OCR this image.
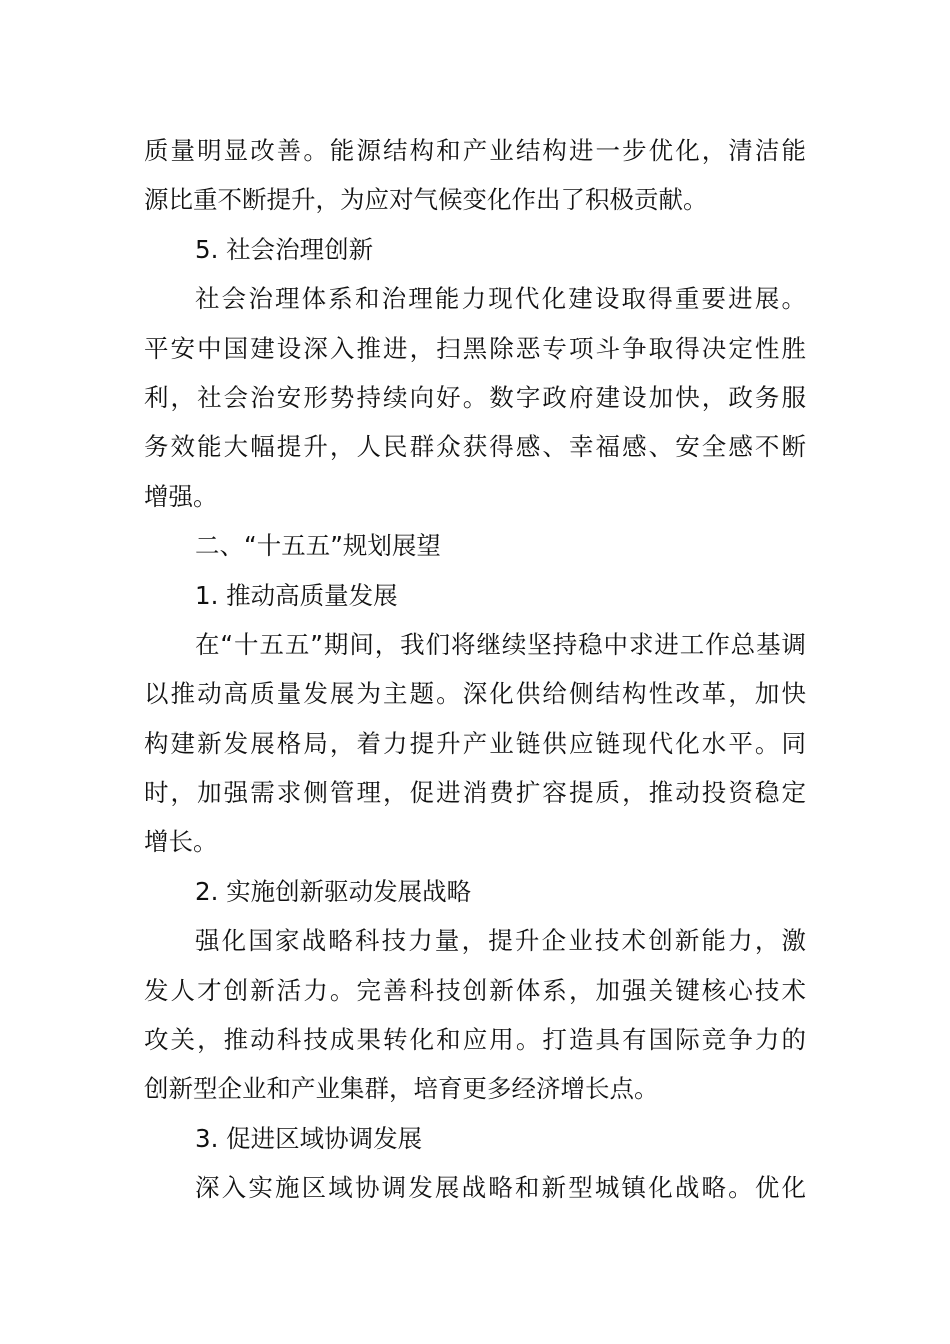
质量明显改善。能源结构和产业结构进一步优化，清洁能
源比重不断提升，为应对气候变化作出了积极贡献。
5. 社会治理创新
社会治理体系和治理能力现代化建设取得重要进展。
平安中国建设深入推进，扫黑除恶专项斗争取得决定性胜
利，社会治安形势持续向好。数字政府建设加快，政务服
务效能大幅提升，人民群众获得感、幸福感、安全感不断
增强。
二、“十五五”规划展望
1. 推动高质量发展
在“十五五”期间，我们将继续坚持稳中求进工作总基调
以推动高质量发展为主题。深化供给侧结构性改革，加快
构建新发展格局，着力提升产业链供应链现代化水平。同
时，加强需求侧管理，促进消费扩容提质，推动投资稳定
增长。
2. 实施创新驱动发展战略
强化国家战略科技力量，提升企业技术创新能力，激
发人才创新活力。完善科技创新体系，加强关键核心技术
攻关，推动科技成果转化和应用。打造具有国际竞争力的
创新型企业和产业集群，培育更多经济增长点。
3. 促进区域协调发展
深入实施区域协调发展战略和新型城镇化战略。优化
